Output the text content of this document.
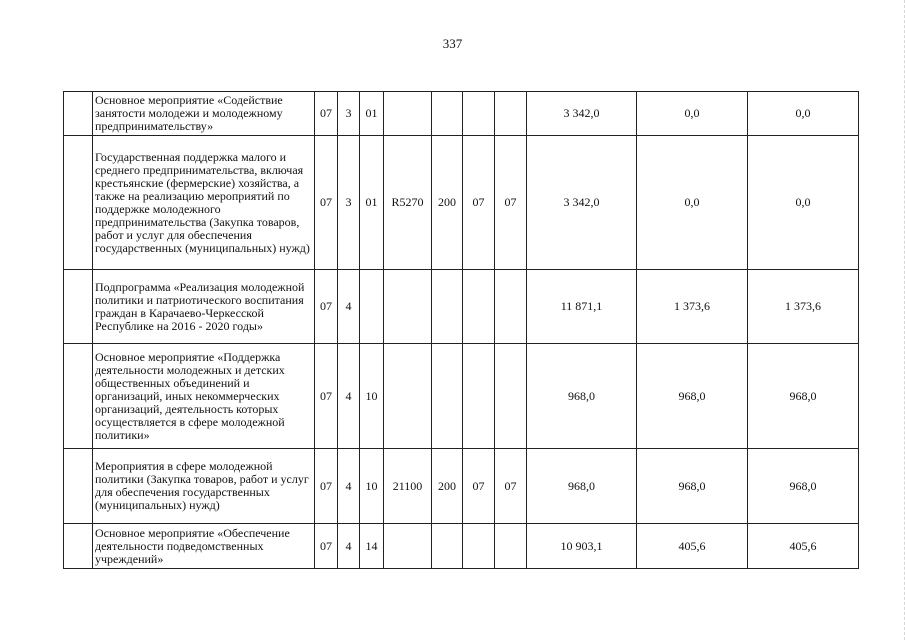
337
	Основное мероприятие «Содействие занятости молодежи и молодежному предпринимательству»	07	3	01					3 342,0	0,0	0,0
	Государственная поддержка малого и среднего предпринимательства, включая крестьянские (фермерские) хозяйства, а также на реализацию мероприятий по поддержке молодежного предпринимательства (Закупка товаров, работ и услуг для обеспечения государственных (муниципальных) нужд)	07	3	01	R5270	200	07	07	3 342,0	0,0	0,0
	Подпрограмма «Реализация молодежной политики и патриотического воспитания граждан в Карачаево-Черкесской Республике на 2016 - 2020 годы»	07	4						11 871,1	1 373,6	1 373,6
	Основное мероприятие «Поддержка деятельности молодежных и детских общественных объединений и организаций, иных некоммерческих организаций, деятельность которых осуществляется в сфере молодежной политики»	07	4	10					968,0	968,0	968,0
	Мероприятия в сфере молодежной политики (Закупка товаров, работ и услуг для обеспечения государственных (муниципальных) нужд)	07	4	10	21100	200	07	07	968,0	968,0	968,0
	Основное мероприятие «Обеспечение деятельности подведомственных учреждений»	07	4	14					10 903,1	405,6	405,6
